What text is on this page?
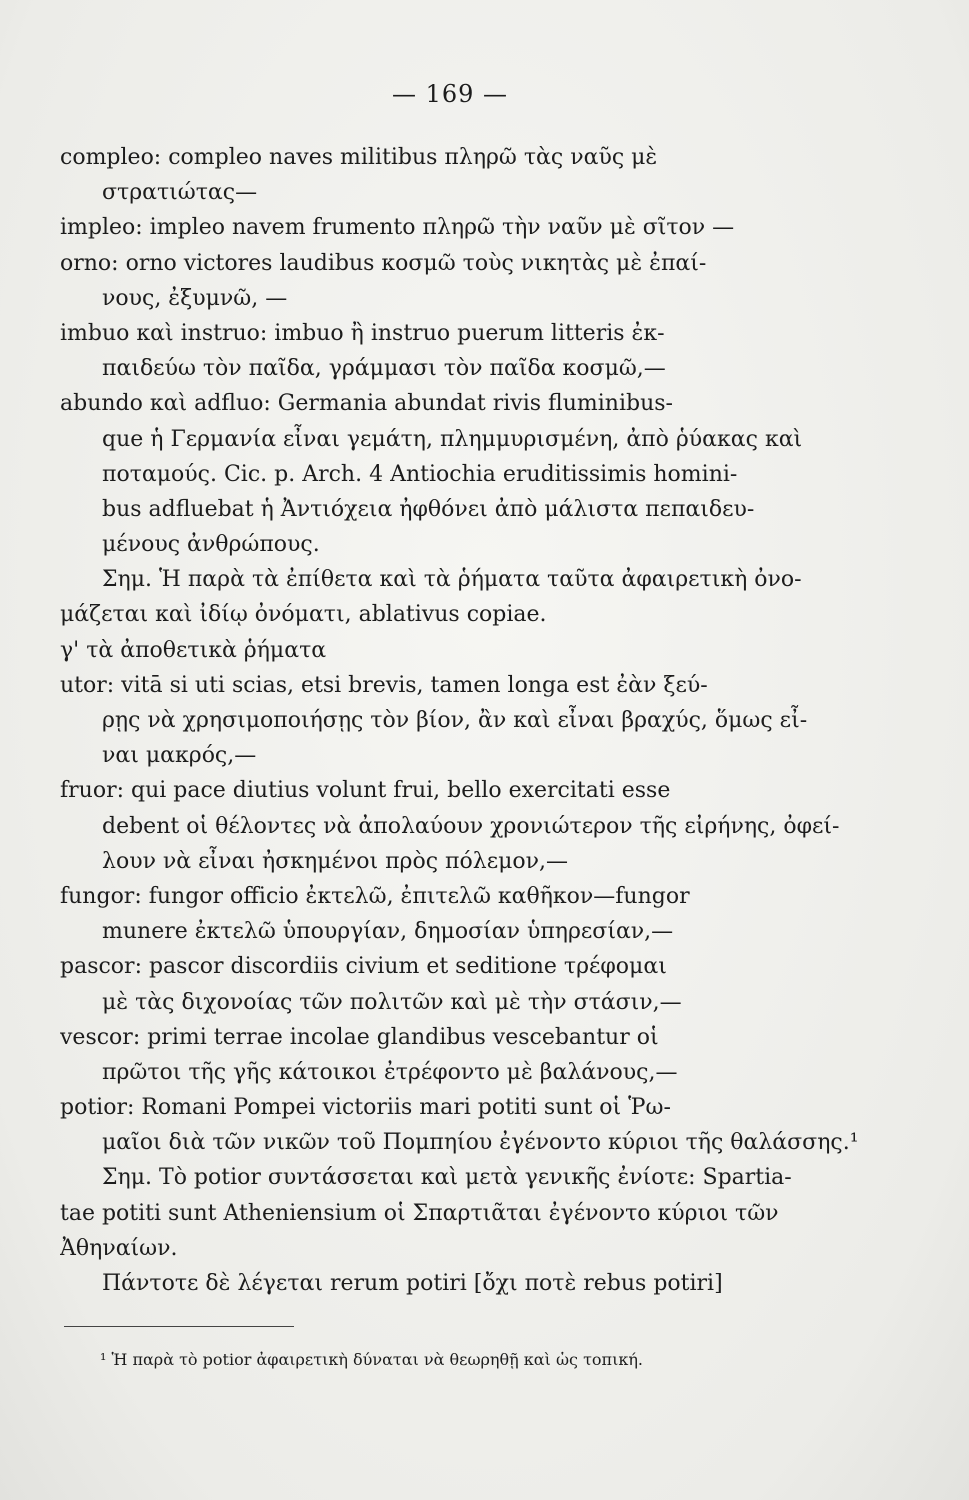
— 169 —
compleo: compleo naves militibus πληρῶ τὰς ναῦς μὲ
στρατιώτας—
impleo: impleo navem frumento πληρῶ τὴν ναῦν μὲ σῖτον —
orno: orno victores laudibus κοσμῶ τοὺς νικητὰς μὲ ἐπαί-
νους, ἐξυμνῶ, —
imbuo καὶ instruo: imbuo ἢ instruo puerum litteris ἐκ-
παιδεύω τὸν παῖδα, γράμμασι τὸν παῖδα κοσμῶ,—
abundo καὶ adfluo: Germania abundat rivis fluminibus-
que ἡ Γερμανία εἶναι γεμάτη, πλημμυρισμένη, ἀπὸ ῥύακας καὶ
ποταμούς. Cic. p. Arch. 4 Antiochia eruditissimis homini-
bus adfluebat ἡ Ἀντιόχεια ἠφθόνει ἀπὸ μάλιστα πεπαιδευ-
μένους ἀνθρώπους.
Σημ. Ἡ παρὰ τὰ ἐπίθετα καὶ τὰ ῥήματα ταῦτα ἀφαιρετικὴ ὀνο-
μάζεται καὶ ἰδίῳ ὀνόματι, ablativus copiae.
γ' τὰ ἀποθετικὰ ῥήματα
utor: vitā si uti scias, etsi brevis, tamen longa est ἐὰν ξεύ-
ρῃς νὰ χρησιμοποιήσῃς τὸν βίον, ἂν καὶ εἶναι βραχύς, ὅμως εἶ-
ναι μακρός,—
fruor: qui pace diutius volunt frui, bello exercitati esse
debent οἱ θέλοντες νὰ ἀπολαύουν χρονιώτερον τῆς εἰρήνης, ὀφεί-
λουν νὰ εἶναι ἠσκημένοι πρὸς πόλεμον,—
fungor: fungor officio ἐκτελῶ, ἐπιτελῶ καθῆκον—fungor
munere ἐκτελῶ ὑπουργίαν, δημοσίαν ὑπηρεσίαν,—
pascor: pascor discordiis civium et seditione τρέφομαι
μὲ τὰς διχονοίας τῶν πολιτῶν καὶ μὲ τὴν στάσιν,—
vescor: primi terrae incolae glandibus vescebantur οἱ
πρῶτοι τῆς γῆς κάτοικοι ἐτρέφοντο μὲ βαλάνους,—
potior: Romani Pompei victoriis mari potiti sunt οἱ Ῥω-
μαῖοι διὰ τῶν νικῶν τοῦ Πομπηίου ἐγένοντο κύριοι τῆς θαλάσσης.¹
Σημ. Τὸ potior συντάσσεται καὶ μετὰ γενικῆς ἐνίοτε: Spartia-
tae potiti sunt Atheniensium οἱ Σπαρτιᾶται ἐγένοντο κύριοι τῶν
Ἀθηναίων.
Πάντοτε δὲ λέγεται rerum potiri [ὄχι ποτὲ rebus potiri]
¹ Ἡ παρὰ τὸ potior ἀφαιρετικὴ δύναται νὰ θεωρηθῇ καὶ ὡς τοπική.
